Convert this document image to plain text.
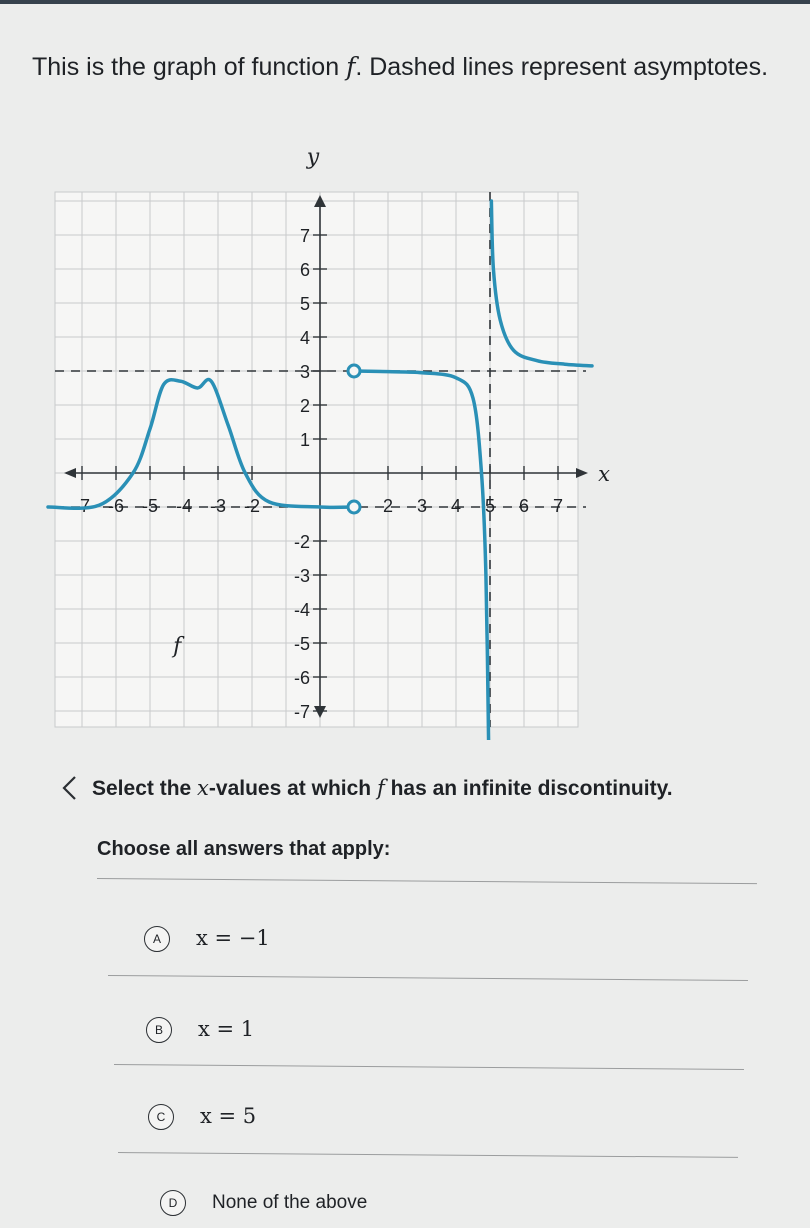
This is the graph of function f. Dashed lines represent asymptotes.
-7 -6 -5 -4 -3 -2	2 3 4 5 6 7
7
6
5
4
3
2
1
-2
-3
-4
-5
-6
-7
x
y
f
Select the x-values at which f has an infinite discontinuity.
Choose all answers that apply:
A	x = −1
B	x = 1
C	x = 5
D	None of the above
